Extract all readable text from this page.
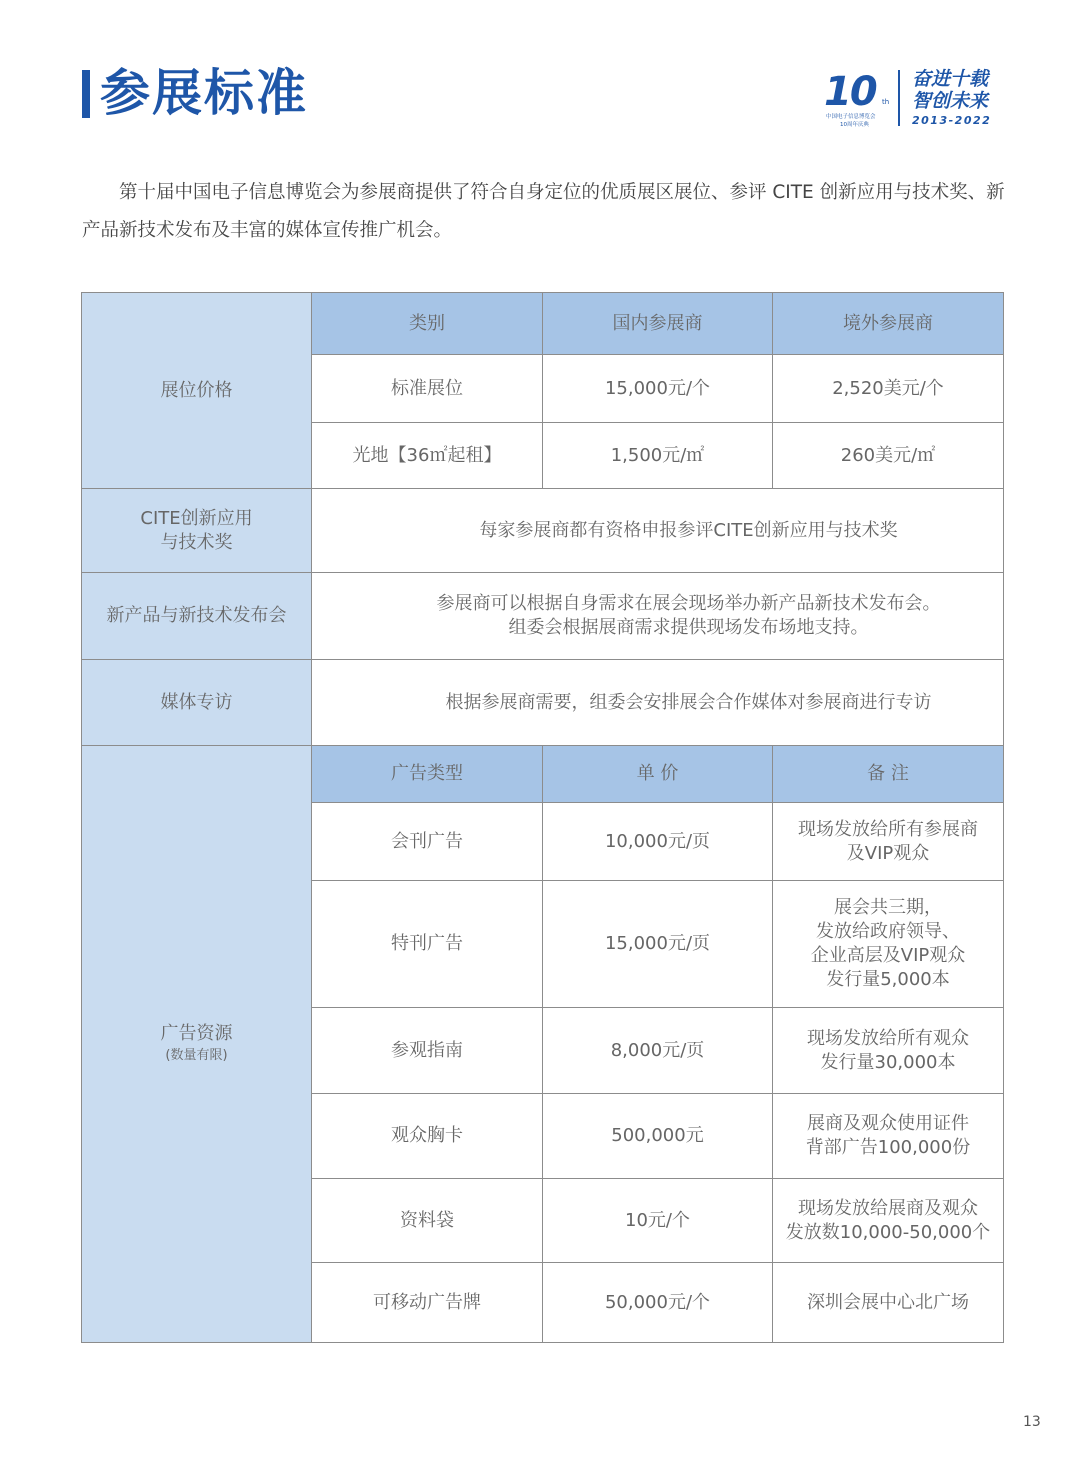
参展标准	10 th
中国电子信息博览会
10周年庆典
奋进十载
智创未来
2013-2022

第十届中国电子信息博览会为参展商提供了符合自身定位的优质展区展位、参评 CITE 创新应用与技术奖、新产品新技术发布及丰富的媒体宣传推广机会。

展位价格	类别	国内参展商	境外参展商
	标准展位	15,000元/个	2,520美元/个
	光地【36㎡起租】	1,500元/㎡	260美元/㎡

CITE创新应用
与技术奖	每家参展商都有资格申报参评CITE创新应用与技术奖		
新产品与新技术发布会	参展商可以根据自身需求在展会现场举办新产品新技术发布会。
组委会根据展商需求提供现场发布场地支持。		

媒体专访	根据参展商需要，组委会安排展会合作媒体对参展商进行专访		

广告资源
(数量有限)	广告类型	单 价	备 注
	会刊广告	10,000元/页	现场发放给所有参展商
及VIP观众

	特刊广告	15,000元/页	展会共三期，
发放给政府领导、
企业高层及VIP观众
发行量5,000本

	参观指南	8,000元/页	现场发放给所有观众
发行量30,000本

	观众胸卡	500,000元	展商及观众使用证件
背部广告100,000份

	资料袋	10元/个	现场发放给展商及观众
发放数10,000-50,000个

	可移动广告牌	50,000元/个	深圳会展中心北广场
13
